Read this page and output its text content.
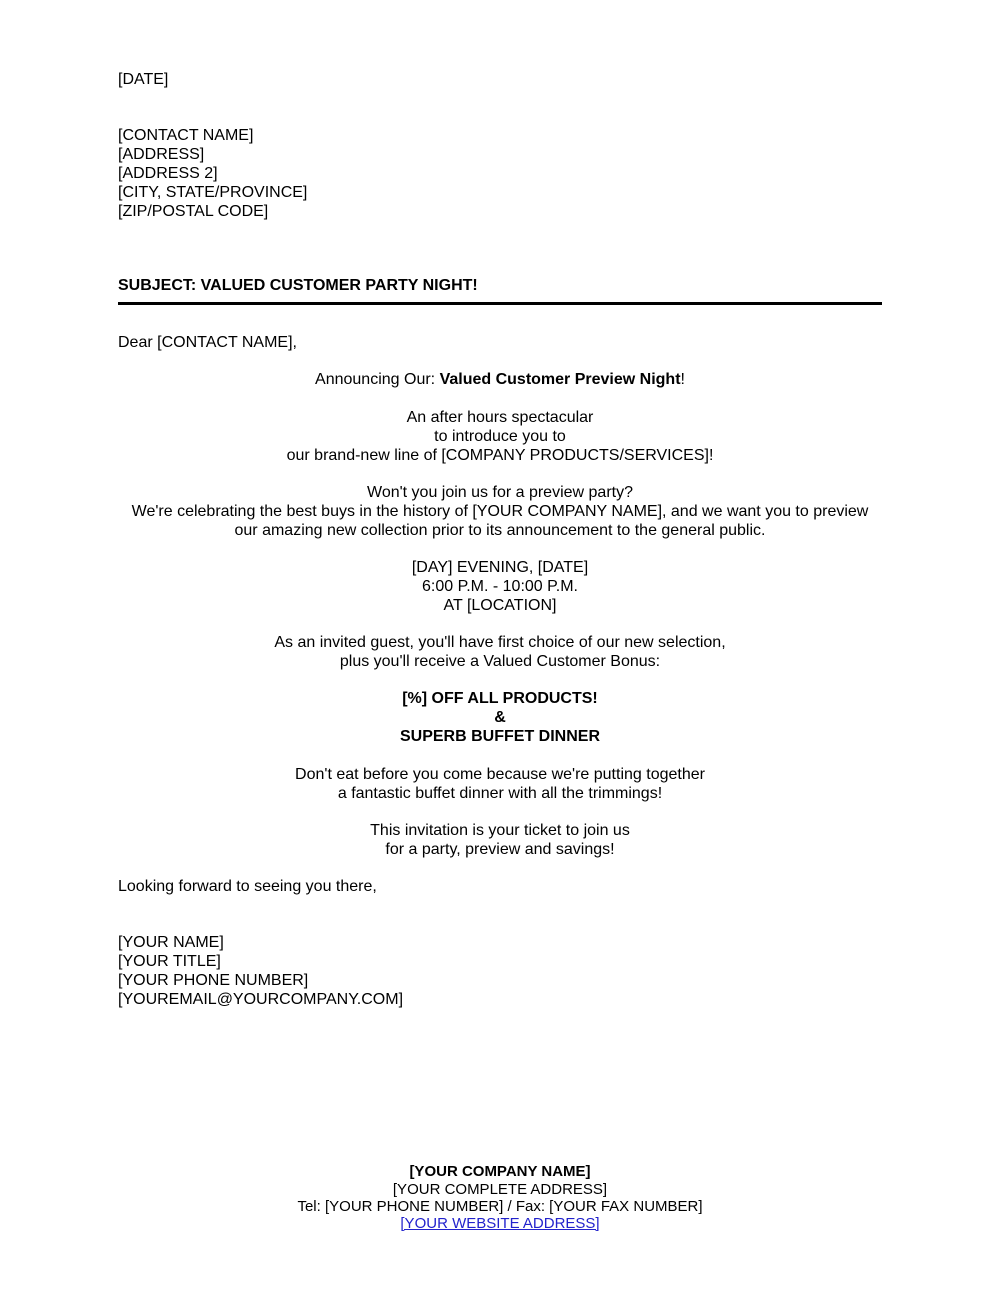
[DATE]
[CONTACT NAME]
[ADDRESS]
[ADDRESS 2]
[CITY, STATE/PROVINCE]
[ZIP/POSTAL CODE]
SUBJECT: VALUED CUSTOMER PARTY NIGHT!
Dear [CONTACT NAME],
Announcing Our: Valued Customer Preview Night!
An after hours spectacular
to introduce you to
our brand-new line of [COMPANY PRODUCTS/SERVICES]!
Won't you join us for a preview party?
We're celebrating the best buys in the history of [YOUR COMPANY NAME], and we want you to preview
our amazing new collection prior to its announcement to the general public.
[DAY] EVENING, [DATE]
6:00 P.M. - 10:00 P.M.
AT [LOCATION]
As an invited guest, you'll have first choice of our new selection,
plus you'll receive a Valued Customer Bonus:
[%] OFF ALL PRODUCTS!
&
SUPERB BUFFET DINNER
Don't eat before you come because we're putting together
a fantastic buffet dinner with all the trimmings!
This invitation is your ticket to join us
for a party, preview and savings!
Looking forward to seeing you there,
[YOUR NAME]
[YOUR TITLE]
[YOUR PHONE NUMBER]
[YOUREMAIL@YOURCOMPANY.COM]
[YOUR COMPANY NAME]
[YOUR COMPLETE ADDRESS]
Tel: [YOUR PHONE NUMBER] / Fax: [YOUR FAX NUMBER]
[YOUR WEBSITE ADDRESS]
